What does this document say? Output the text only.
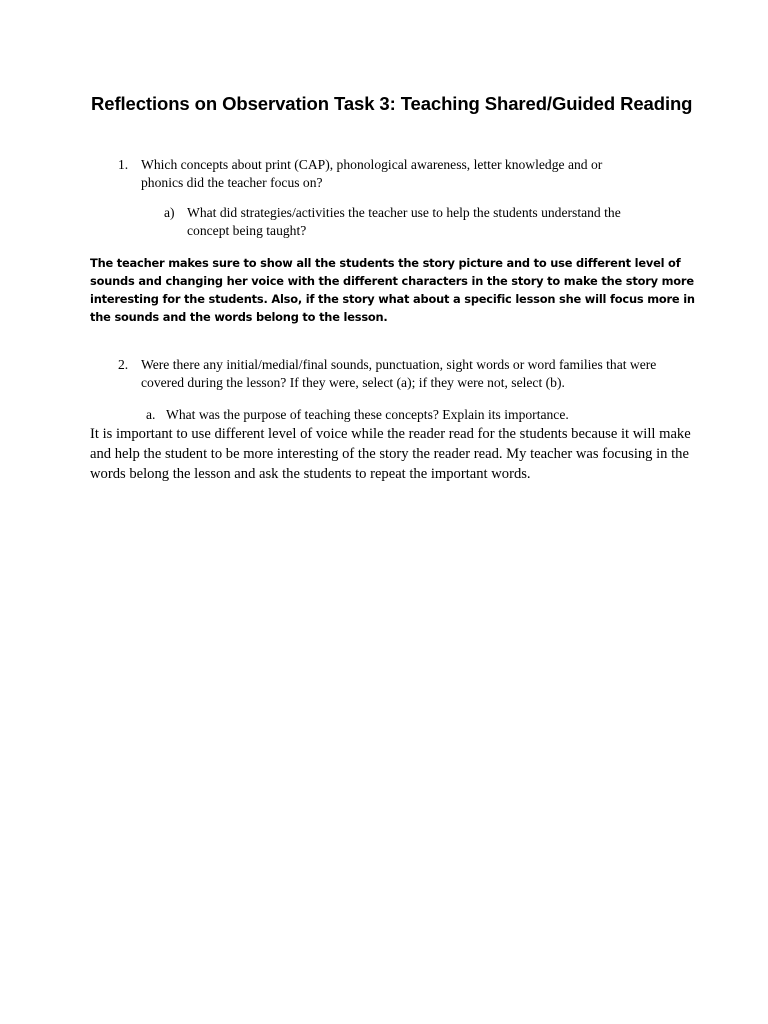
Reflections on Observation Task 3: Teaching Shared/Guided Reading
1. Which concepts about print (CAP), phonological awareness, letter knowledge and or
phonics did the teacher focus on?
a) What did strategies/activities the teacher use to help the students understand the
concept being taught?
The teacher makes sure to show all the students the story picture and to use different level of
sounds and changing her voice with the different characters in the story to make the story more
interesting for the students. Also, if the story what about a specific lesson she will focus more in
the sounds and the words belong to the lesson.
2. Were there any initial/medial/final sounds, punctuation, sight words or word families that were
covered during the lesson? If they were, select (a); if they were not, select (b).
a. What was the purpose of teaching these concepts? Explain its importance.
It is important to use different level of voice while the reader read for the students because it will make
and help the student to be more interesting of the story the reader read. My teacher was focusing in the
words belong the lesson and ask the students to repeat the important words.
